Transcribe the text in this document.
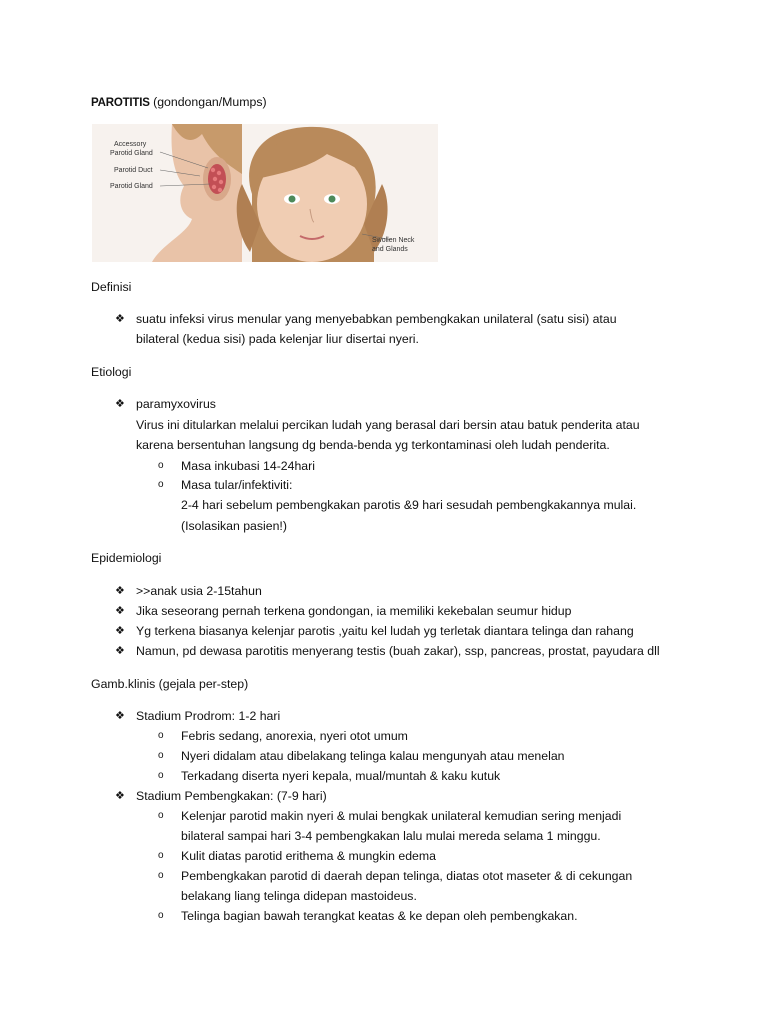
PAROTITIS (gondongan/Mumps)
Accessory
Parotid Gland
Parotid Duct
Parotid Gland
Swollen Neck
and Glands
Definisi
❖ suatu infeksi virus menular yang menyebabkan pembengkakan unilateral (satu sisi) atau
bilateral (kedua sisi) pada kelenjar liur disertai nyeri.
Etiologi
❖ paramyxovirus
Virus ini ditularkan melalui percikan ludah yang berasal dari bersin atau batuk penderita atau
karena bersentuhan langsung dg benda-benda yg terkontaminasi oleh ludah penderita.
o Masa inkubasi 14-24hari
o Masa tular/infektiviti:
2-4 hari sebelum pembengkakan parotis &9 hari sesudah pembengkakannya mulai.
(Isolasikan pasien!)
Epidemiologi
❖ >>anak usia 2-15tahun
❖ Jika seseorang pernah terkena gondongan, ia memiliki kekebalan seumur hidup
❖ Yg terkena biasanya kelenjar parotis ,yaitu kel ludah yg terletak diantara telinga dan rahang
❖ Namun, pd dewasa parotitis menyerang testis (buah zakar), ssp, pancreas, prostat, payudara dll
Gamb.klinis (gejala per-step)
❖ Stadium Prodrom: 1-2 hari
o Febris sedang, anorexia, nyeri otot umum
o Nyeri didalam atau dibelakang telinga kalau mengunyah atau menelan
o Terkadang diserta nyeri kepala, mual/muntah & kaku kutuk
❖ Stadium Pembengkakan: (7-9 hari)
o Kelenjar parotid makin nyeri & mulai bengkak unilateral kemudian sering menjadi
bilateral sampai hari 3-4 pembengkakan lalu mulai mereda selama 1 minggu.
o Kulit diatas parotid erithema & mungkin edema
o Pembengkakan parotid di daerah depan telinga, diatas otot maseter & di cekungan
belakang liang telinga didepan mastoideus.
o Telinga bagian bawah terangkat keatas & ke depan oleh pembengkakan.
